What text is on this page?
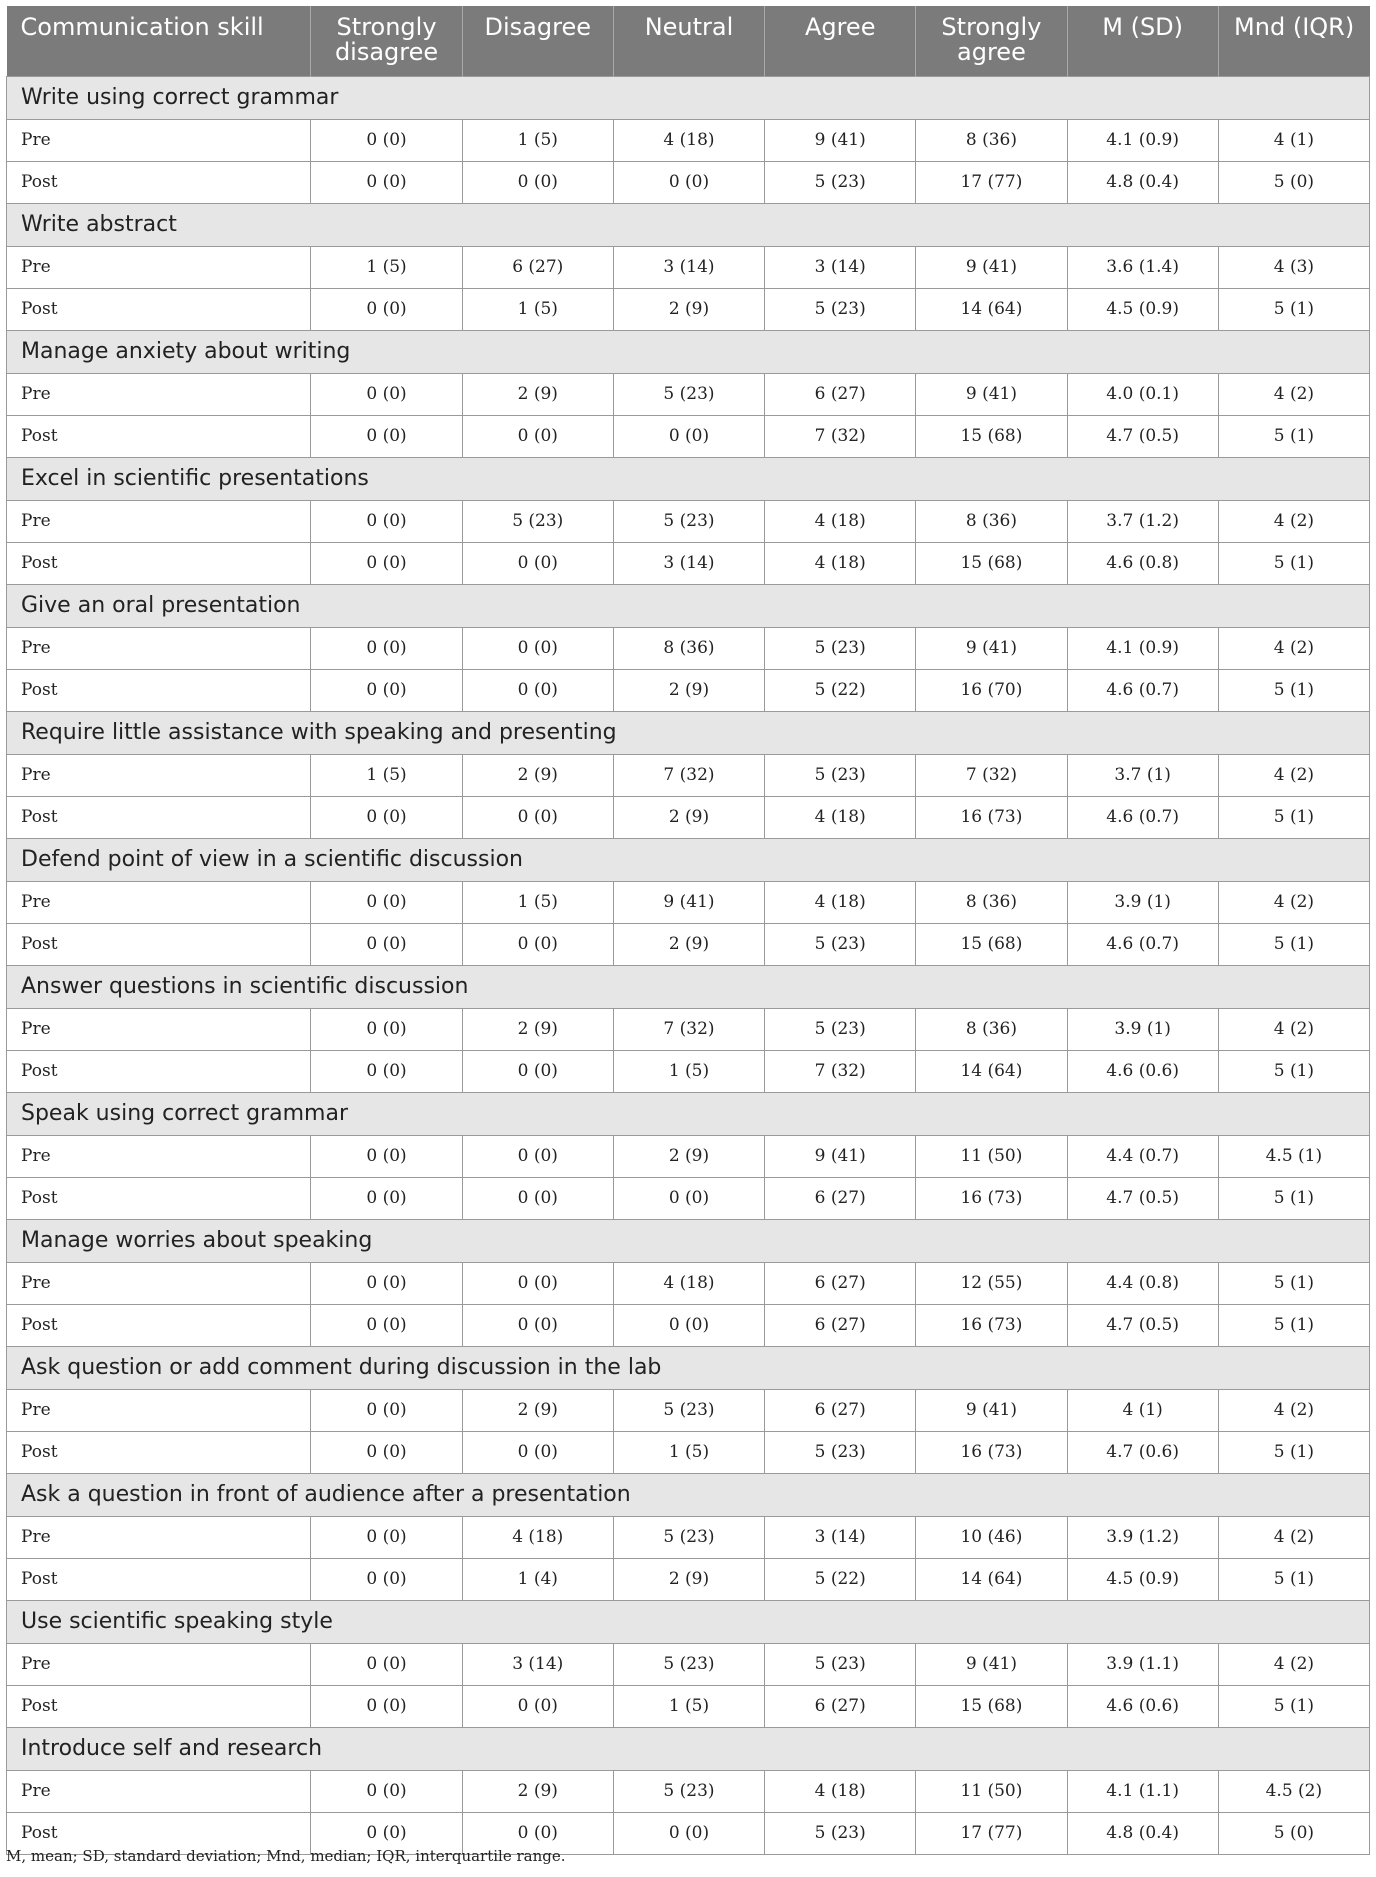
Communication skill	Strongly disagree	Disagree	Neutral	Agree	Strongly agree	M (SD)	Mnd (IQR)

Write using correct grammar							
Pre	0 (0)	1 (5)	4 (18)	9 (41)	8 (36)	4.1 (0.9)	4 (1)
Post	0 (0)	0 (0)	0 (0)	5 (23)	17 (77)	4.8 (0.4)	5 (0)
Write abstract							
Pre	1 (5)	6 (27)	3 (14)	3 (14)	9 (41)	3.6 (1.4)	4 (3)
Post	0 (0)	1 (5)	2 (9)	5 (23)	14 (64)	4.5 (0.9)	5 (1)
Manage anxiety about writing							
Pre	0 (0)	2 (9)	5 (23)	6 (27)	9 (41)	4.0 (0.1)	4 (2)
Post	0 (0)	0 (0)	0 (0)	7 (32)	15 (68)	4.7 (0.5)	5 (1)
Excel in scientific presentations							
Pre	0 (0)	5 (23)	5 (23)	4 (18)	8 (36)	3.7 (1.2)	4 (2)
Post	0 (0)	0 (0)	3 (14)	4 (18)	15 (68)	4.6 (0.8)	5 (1)
Give an oral presentation							
Pre	0 (0)	0 (0)	8 (36)	5 (23)	9 (41)	4.1 (0.9)	4 (2)
Post	0 (0)	0 (0)	2 (9)	5 (22)	16 (70)	4.6 (0.7)	5 (1)
Require little assistance with speaking and presenting							
Pre	1 (5)	2 (9)	7 (32)	5 (23)	7 (32)	3.7 (1)	4 (2)
Post	0 (0)	0 (0)	2 (9)	4 (18)	16 (73)	4.6 (0.7)	5 (1)
Defend point of view in a scientific discussion							
Pre	0 (0)	1 (5)	9 (41)	4 (18)	8 (36)	3.9 (1)	4 (2)
Post	0 (0)	0 (0)	2 (9)	5 (23)	15 (68)	4.6 (0.7)	5 (1)
Answer questions in scientific discussion							
Pre	0 (0)	2 (9)	7 (32)	5 (23)	8 (36)	3.9 (1)	4 (2)
Post	0 (0)	0 (0)	1 (5)	7 (32)	14 (64)	4.6 (0.6)	5 (1)
Speak using correct grammar							
Pre	0 (0)	0 (0)	2 (9)	9 (41)	11 (50)	4.4 (0.7)	4.5 (1)
Post	0 (0)	0 (0)	0 (0)	6 (27)	16 (73)	4.7 (0.5)	5 (1)
Manage worries about speaking							
Pre	0 (0)	0 (0)	4 (18)	6 (27)	12 (55)	4.4 (0.8)	5 (1)
Post	0 (0)	0 (0)	0 (0)	6 (27)	16 (73)	4.7 (0.5)	5 (1)
Ask question or add comment during discussion in the lab							
Pre	0 (0)	2 (9)	5 (23)	6 (27)	9 (41)	4 (1)	4 (2)
Post	0 (0)	0 (0)	1 (5)	5 (23)	16 (73)	4.7 (0.6)	5 (1)
Ask a question in front of audience after a presentation							
Pre	0 (0)	4 (18)	5 (23)	3 (14)	10 (46)	3.9 (1.2)	4 (2)
Post	0 (0)	1 (4)	2 (9)	5 (22)	14 (64)	4.5 (0.9)	5 (1)
Use scientific speaking style							
Pre	0 (0)	3 (14)	5 (23)	5 (23)	9 (41)	3.9 (1.1)	4 (2)
Post	0 (0)	0 (0)	1 (5)	6 (27)	15 (68)	4.6 (0.6)	5 (1)
Introduce self and research							
Pre	0 (0)	2 (9)	5 (23)	4 (18)	11 (50)	4.1 (1.1)	4.5 (2)
Post	0 (0)	0 (0)	0 (0)	5 (23)	17 (77)	4.8 (0.4)	5 (0)
M, mean; SD, standard deviation; Mnd, median; IQR, interquartile range.
